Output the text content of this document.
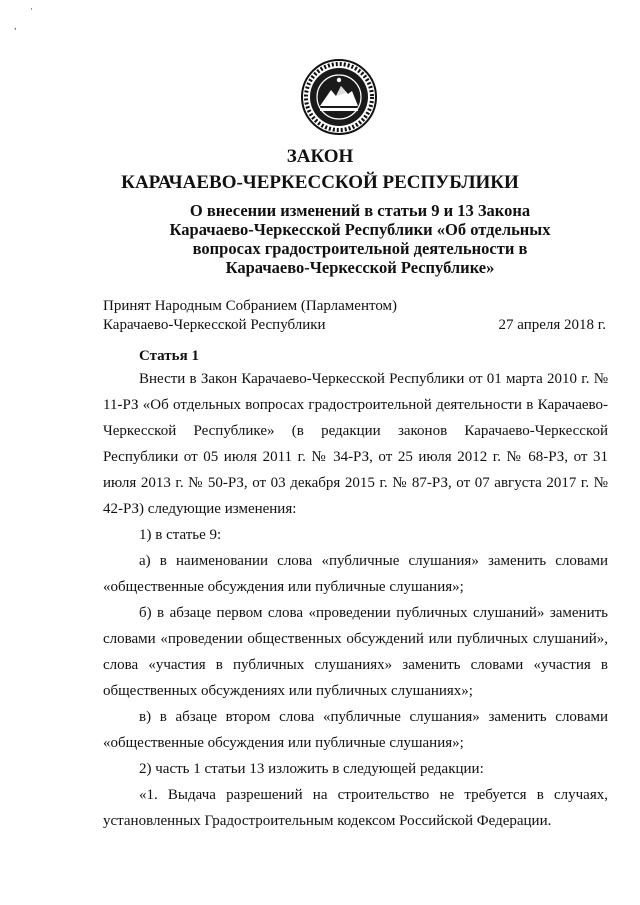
·
ʹ
ЗАКОН
КАРАЧАЕВО-ЧЕРКЕССКОЙ РЕСПУБЛИКИ
О внесении изменений в статьи 9 и 13 Закона Карачаево-Черкесской Республики «Об отдельных вопросах градостроительной деятельности в Карачаево-Черкесской Республике»
Принят Народным Собранием (Парламентом)
Карачаево-Черкесской Республики	27 апреля 2018 г.
Статья 1

Внести в Закон Карачаево-Черкесской Республики от 01 марта 2010 г. № 11-РЗ «Об отдельных вопросах градостроительной деятельности в Карачаево-Черкесской Республике» (в редакции законов Карачаево-Черкесской Республики от 05 июля 2011 г. № 34-РЗ, от 25 июля 2012 г. № 68-РЗ, от 31 июля 2013 г. № 50-РЗ, от 03 декабря 2015 г. № 87-РЗ, от 07 августа 2017 г. № 42-РЗ) следующие изменения:

1) в статье 9:

а) в наименовании слова «публичные слушания» заменить словами «общественные обсуждения или публичные слушания»;

б) в абзаце первом слова «проведении публичных слушаний» заменить словами «проведении общественных обсуждений или публичных слушаний», слова «участия в публичных слушаниях» заменить словами «участия в общественных обсуждениях или публичных слушаниях»;

в) в абзаце втором слова «публичные слушания» заменить словами «общественные обсуждения или публичные слушания»;

2) часть 1 статьи 13 изложить в следующей редакции:

«1. Выдача разрешений на строительство не требуется в случаях, установленных Градостроительным кодексом Российской Федерации.
